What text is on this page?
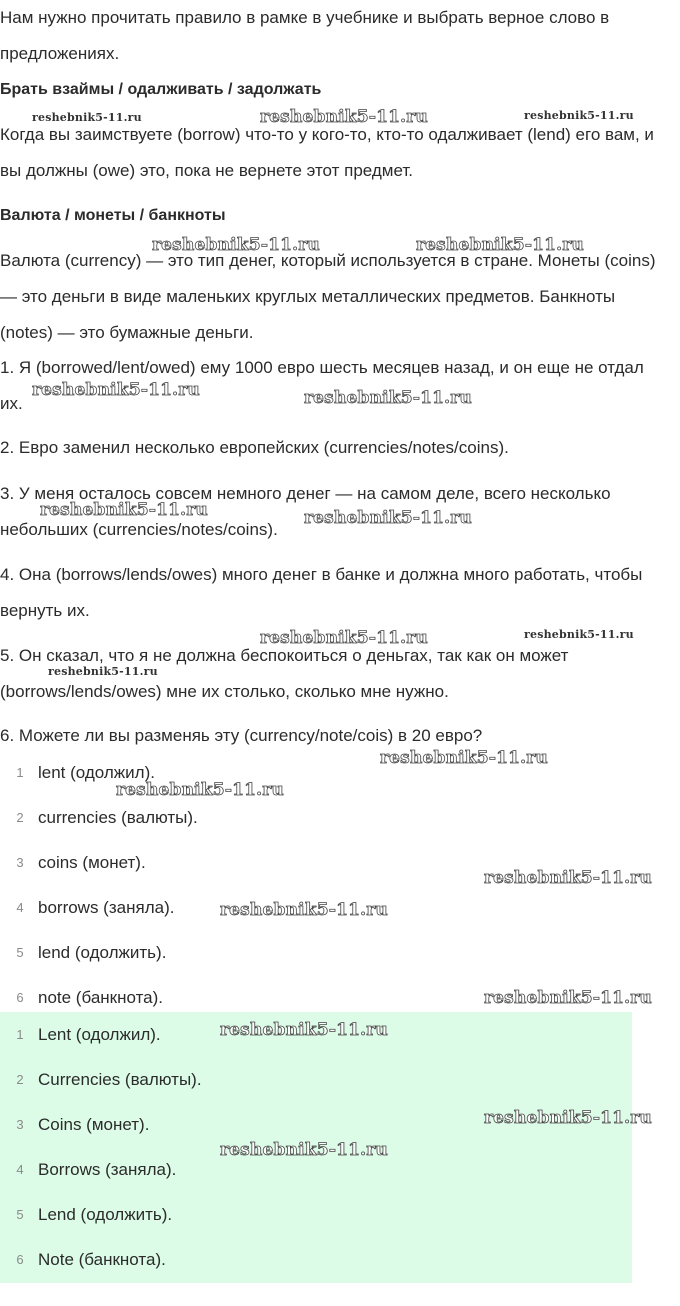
Нам нужно прочитать правило в рамке в учебнике и выбрать верное слово в предложениях.

Брать взаймы / одалживать / задолжать

Когда вы заимствуете (borrow) что-то у кого-то, кто-то одалживает (lend) его вам, и вы должны (owe) это, пока не вернете этот предмет.

Валюта / монеты / банкноты

Валюта (currency) — это тип денег, который используется в стране. Монеты (coins) — это деньги в виде маленьких круглых металлических предметов. Банкноты (notes) — это бумажные деньги.

1. Я (borrowed/lent/owed) ему 1000 евро шесть месяцев назад, и он еще не отдал их.

2. Евро заменил несколько европейских (currencies/notes/coins).

3. У меня осталось совсем немного денег — на самом деле, всего несколько небольших (currencies/notes/coins).

4. Она (borrows/lends/owes) много денег в банке и должна много работать, чтобы вернуть их.

5. Он сказал, что я не должна беспокоиться о деньгах, так как он может (borrows/lends/owes) мне их столько, сколько мне нужно.

6. Можете ли вы разменяь эту (currency/note/cois) в 20 евро?

1 lent (одолжил).
2 currencies (валюты).
3 coins (монет).
4 borrows (заняла).
5 lend (одолжить).
6 note (банкнота).
1 Lent (одолжил).
2 Currencies (валюты).
3 Coins (монет).
4 Borrows (заняла).
5 Lend (одолжить).
6 Note (банкнота).
reshebnik5-11.ru	reshebnik5-11.ru	reshebnik5-11.ru
reshebnik5-11.ru	reshebnik5-11.ru
reshebnik5-11.ru	reshebnik5-11.ru
reshebnik5-11.ru	reshebnik5-11.ru
reshebnik5-11.ru	reshebnik5-11.ru
reshebnik5-11.ru
reshebnik5-11.ru
reshebnik5-11.ru
reshebnik5-11.ru
reshebnik5-11.ru
reshebnik5-11.ru
reshebnik5-11.ru
reshebnik5-11.ru
reshebnik5-11.ru
